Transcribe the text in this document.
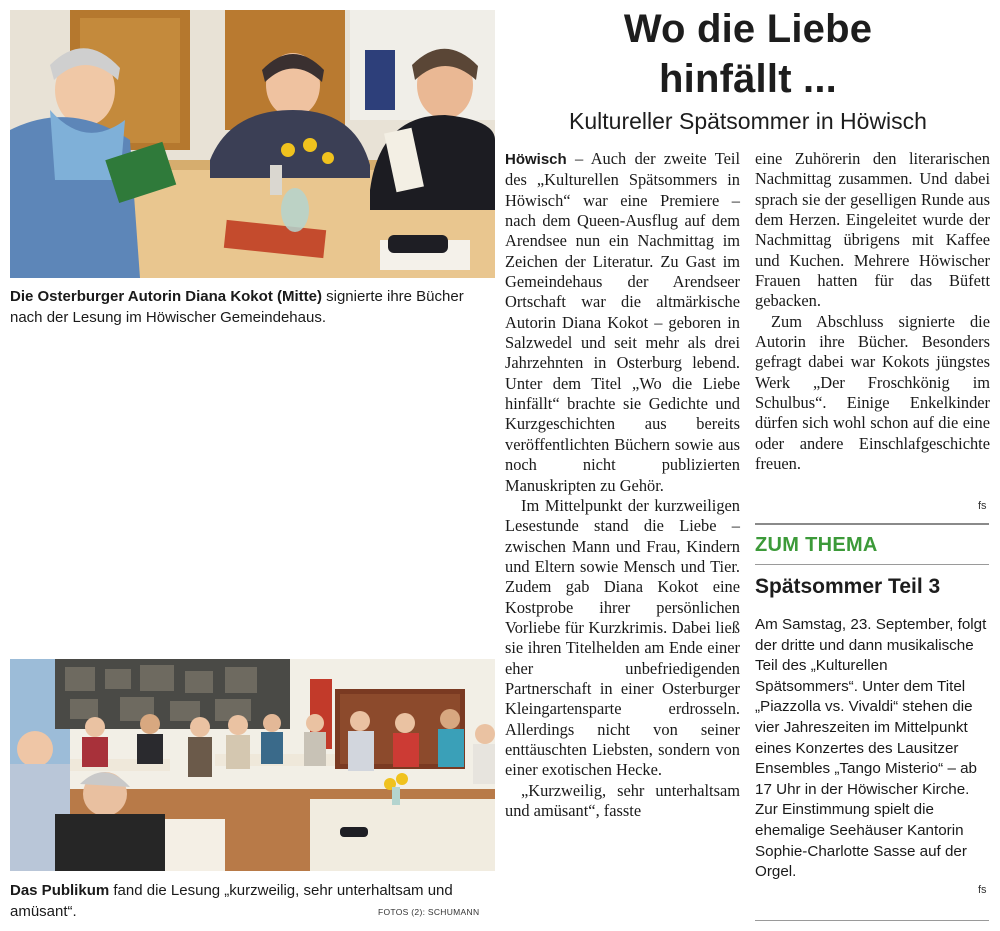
Die Osterburger Autorin Diana Kokot (Mitte) signierte ihre Bücher nach der Lesung im Höwischer Gemeindehaus.
Das Publikum fand die Lesung „kurzweilig, sehr unterhaltsam und amüsant“.	FOTOS (2): SCHUMANN
Wo die Liebe
hinfällt ...
Kultureller Spätsommer in Höwisch

Höwisch – Auch der zweite Teil des „Kulturellen Spätsommers in Höwisch“ war eine Premiere – nach dem Queen-Ausflug auf dem Arendsee nun ein Nachmittag im Zeichen der Literatur. Zu Gast im Gemeindehaus der Arendseer Ortschaft war die altmärkische Autorin Diana Kokot – geboren in Salzwedel und seit mehr als drei Jahrzehnten in Osterburg lebend. Unter dem Titel „Wo die Liebe hinfällt“ brachte sie Gedichte und Kurzgeschichten aus bereits veröffentlichten Büchern sowie aus noch nicht publizierten Manuskripten zu Gehör.

Im Mittelpunkt der kurzweiligen Lesestunde stand die Liebe – zwischen Mann und Frau, Kindern und Eltern sowie Mensch und Tier. Zudem gab Diana Kokot eine Kostprobe ihrer persönlichen Vorliebe für Kurzkrimis. Dabei ließ sie ihren Titelhelden am Ende einer eher unbefriedigenden Partnerschaft in einer Osterburger Kleingartensparte erdrosseln. Allerdings nicht von seiner enttäuschten Liebsten, sondern von einer exotischen Hecke.

„Kurzweilig, sehr unterhaltsam und amüsant“, fasste

eine Zuhörerin den literarischen Nachmittag zusammen. Und dabei sprach sie der geselligen Runde aus dem Herzen. Eingeleitet wurde der Nachmittag übrigens mit Kaffee und Kuchen. Mehrere Höwischer Frauen hatten für das Büfett gebacken.

Zum Abschluss signierte die Autorin ihre Bücher. Besonders gefragt dabei war Kokots jüngstes Werk „Der Froschkönig im Schulbus“. Einige Enkelkinder dürfen sich wohl schon auf die eine oder andere Einschlafgeschichte freuen.

fs
ZUM THEMA
Spätsommer Teil 3

Am Samstag, 23. September, folgt der dritte und dann musikalische Teil des „Kulturellen Spätsommers“. Unter dem Titel „Piazzolla vs. Vivaldi“ stehen die vier Jahreszeiten im Mittelpunkt eines Konzertes des Lausitzer Ensembles „Tango Misterio“ – ab 17 Uhr in der Höwischer Kirche. Zur Einstimmung spielt die ehemalige Seehäuser Kantorin Sophie-Charlotte Sasse auf der Orgel.

fs
